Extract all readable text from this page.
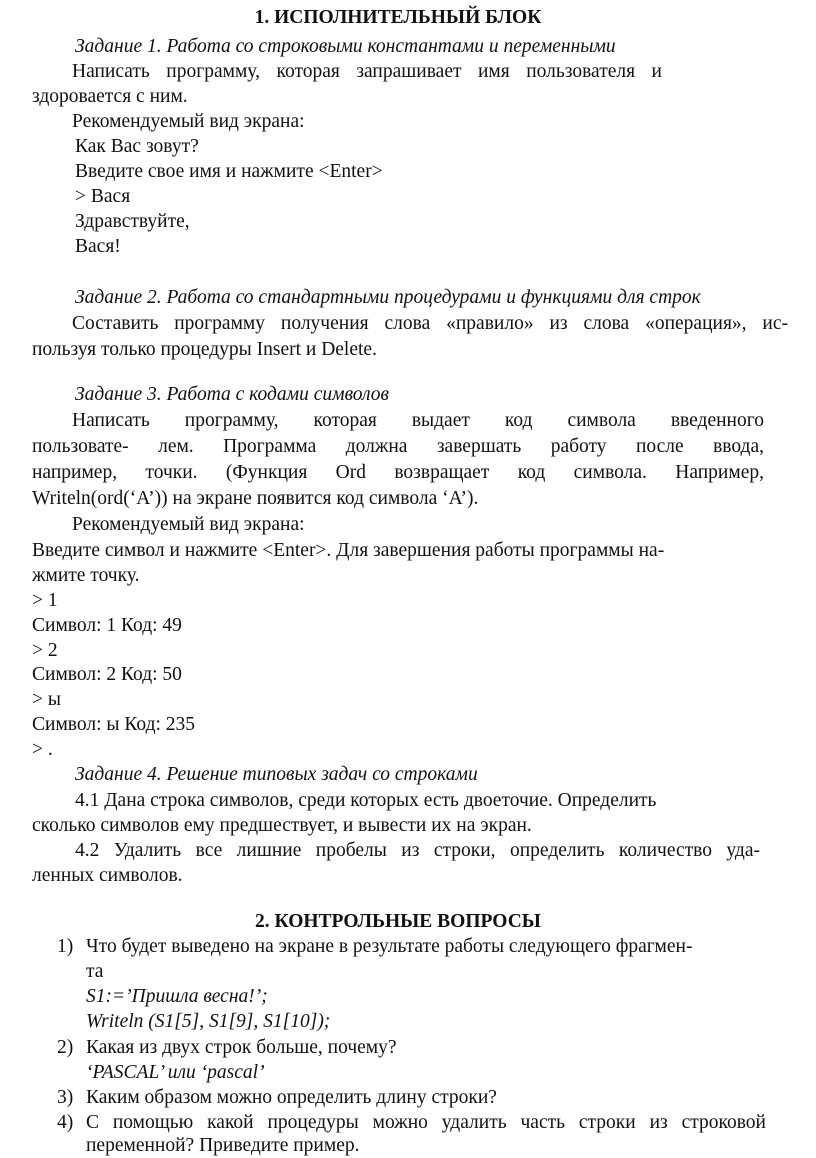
1. ИСПОЛНИТЕЛЬНЫЙ БЛОК
Задание 1. Работа со строковыми константами и переменными
Написать программу, которая запрашивает имя пользователя и
здоровается с ним.
Рекомендуемый вид экрана:
Как Вас зовут?
Введите свое имя и нажмите <Enter>
> Вася
Здравствуйте,
Вася!
Задание 2. Работа со стандартными процедурами и функциями для строк
Составить программу получения слова «правило» из слова «операция», ис-
пользуя только процедуры Insert и Delete.
Задание 3. Работа с кодами символов
Написать программу, которая выдает код символа введенного
пользовате- лем. Программа должна завершать работу после ввода,
например, точки. (Функция Ord возвращает код символа. Например,
Writeln(ord(‘A’)) на экране появится код символа ‘A’).
Рекомендуемый вид экрана:
Введите символ и нажмите <Enter>. Для завершения работы программы на-
жмите точку.
> 1
Символ: 1 Код: 49
> 2
Символ: 2 Код: 50
> ы
Символ: ы Код: 235
> .
Задание 4. Решение типовых задач со строками
4.1 Дана строка символов, среди которых есть двоеточие. Определить
сколько символов ему предшествует, и вывести их на экран.
4.2 Удалить все лишние пробелы из строки, определить количество уда-
ленных символов.
2. КОНТРОЛЬНЫЕ ВОПРОСЫ
1) Что будет выведено на экране в результате работы следующего фрагмен-
та
S1:=’Пришла весна!’;
Writeln (S1[5], S1[9], S1[10]);
2) Какая из двух строк больше, почему?
‘PASCAL’ или ‘pascal’
3) Каким образом можно определить длину строки?
4) С помощью какой процедуры можно удалить часть строки из строковой
переменной? Приведите пример.
